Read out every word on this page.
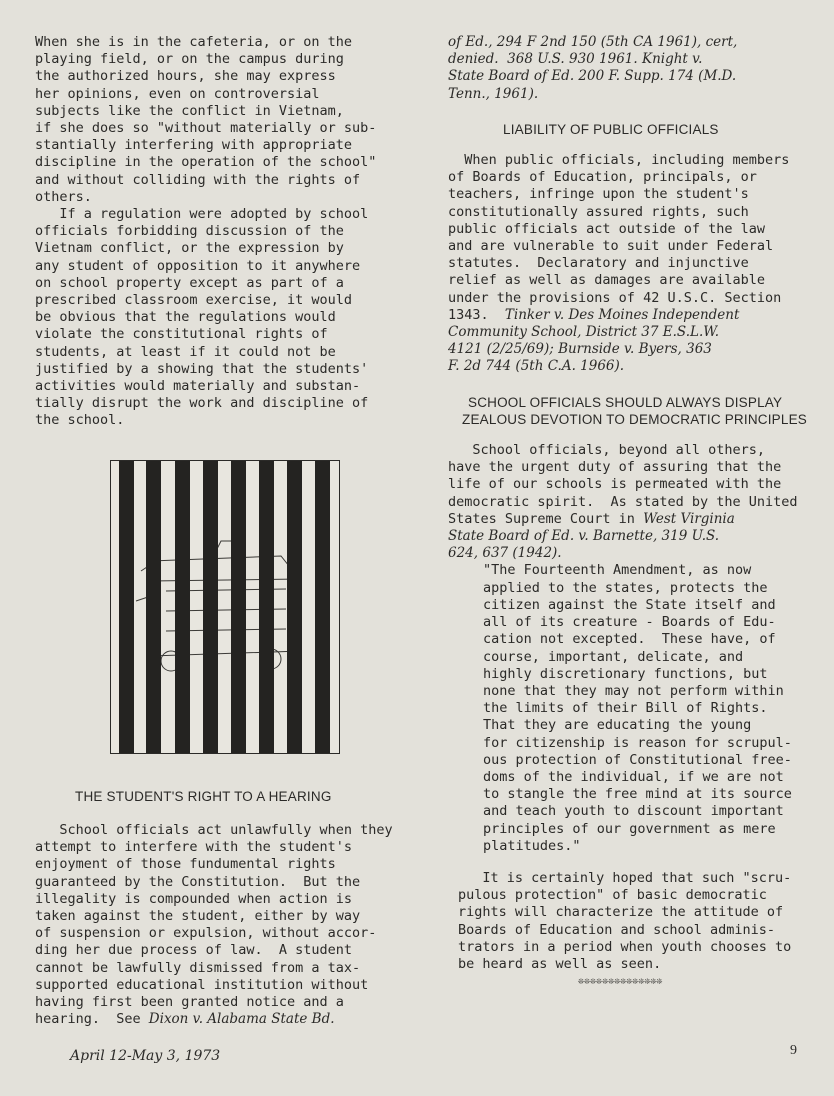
When she is in the cafeteria, or on the

playing field, or on the campus during

the authorized hours, she may express

her opinions, even on controversial

subjects like the conflict in Vietnam,

if she does so "without materially or sub-

stantially interfering with appropriate

discipline in the operation of the school"

and without colliding with the rights of

others.

If a regulation were adopted by school

officials forbidding discussion of the

Vietnam conflict, or the expression by

any student of opposition to it anywhere

on school property except as part of a

prescribed classroom exercise, it would

be obvious that the regulations would

violate the constitutional rights of

students, at least if it could not be

justified by a showing that the students'

activities would materially and substan-

tially disrupt the work and discipline of

the school.

THE STUDENT'S RIGHT TO A HEARING

School officials act unlawfully when they

attempt to interfere with the student's

enjoyment of those fundumental rights

guaranteed by the Constitution.  But the

illegality is compounded when action is

taken against the student, either by way

of suspension or expulsion, without accor-

ding her due process of law.  A student

cannot be lawfully dismissed from a tax-

supported educational institution without

having first been granted notice and a

hearing.  See Dixon v. Alabama State Bd.

of Ed., 294 F 2nd 150 (5th CA 1961), cert,

denied.  368 U.S. 930 1961. Knight v.

State Board of Ed. 200 F. Supp. 174 (M.D.

Tenn., 1961).

LIABILITY OF PUBLIC OFFICIALS

When public officials, including members

of Boards of Education, principals, or

teachers, infringe upon the student's

constitutionally assured rights, such

public officials act outside of the law

and are vulnerable to suit under Federal

statutes.  Declaratory and injunctive

relief as well as damages are available

under the provisions of 42 U.S.C. Section

1343.  Tinker v. Des Moines Independent

Community School, District 37 E.S.L.W.

4121 (2/25/69); Burnside v. Byers, 363

F. 2d 744 (5th C.A. 1966).

SCHOOL OFFICIALS SHOULD ALWAYS DISPLAY

ZEALOUS DEVOTION TO DEMOCRATIC PRINCIPLES

School officials, beyond all others,

have the urgent duty of assuring that the

life of our schools is permeated with the

democratic spirit.  As stated by the United

States Supreme Court in West Virginia

State Board of Ed. v. Barnette, 319 U.S.

624, 637 (1942).

"The Fourteenth Amendment, as now

applied to the states, protects the

citizen against the State itself and

all of its creature - Boards of Edu-

cation not excepted.  These have, of

course, important, delicate, and

highly discretionary functions, but

none that they may not perform within

the limits of their Bill of Rights.

That they are educating the young

for citizenship is reason for scrupul-

ous protection of Constitutional free-

doms of the individual, if we are not

to stangle the free mind at its source

and teach youth to discount important

principles of our government as mere

platitudes."

It is certainly hoped that such "scru-

pulous protection" of basic democratic

rights will characterize the attitude of

Boards of Education and school adminis-

trators in a period when youth chooses to

be heard as well as seen.

❊❊❊❊❊❊❊❊❊❊❊❊❊❊

April 12-May 3, 1973	9
